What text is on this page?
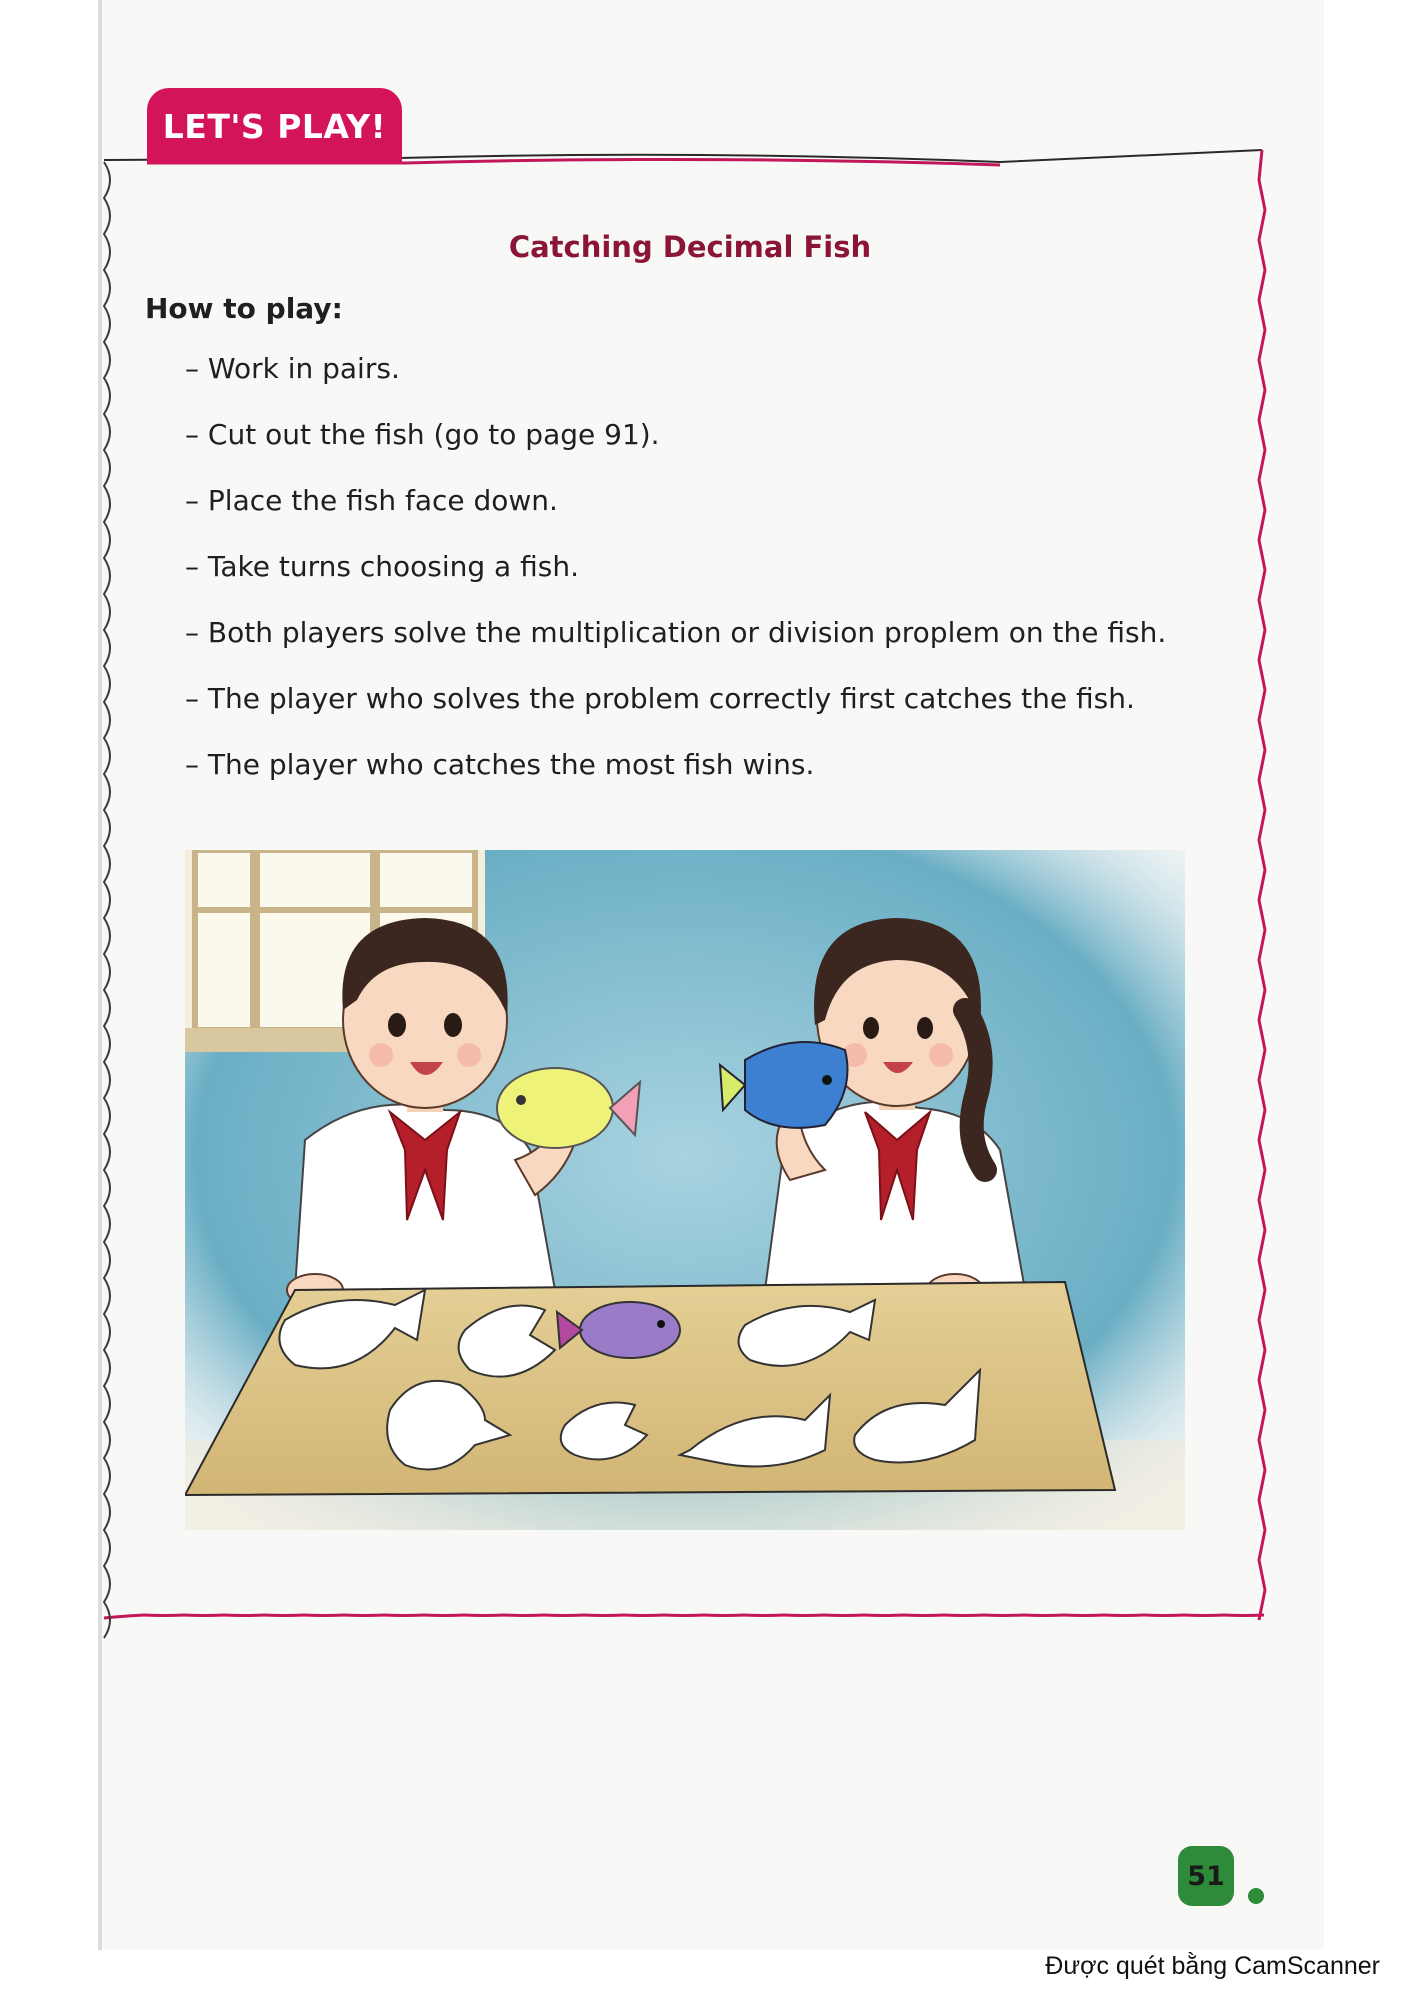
LET'S PLAY!
Catching Decimal Fish
How to play:
– Work in pairs.
– Cut out the fish (go to page 91).
– Place the fish face down.
– Take turns choosing a fish.
– Both players solve the multiplication or division proplem on the fish.
– The player who solves the problem correctly first catches the fish.
– The player who catches the most fish wins.
51
Được quét bằng CamScanner
